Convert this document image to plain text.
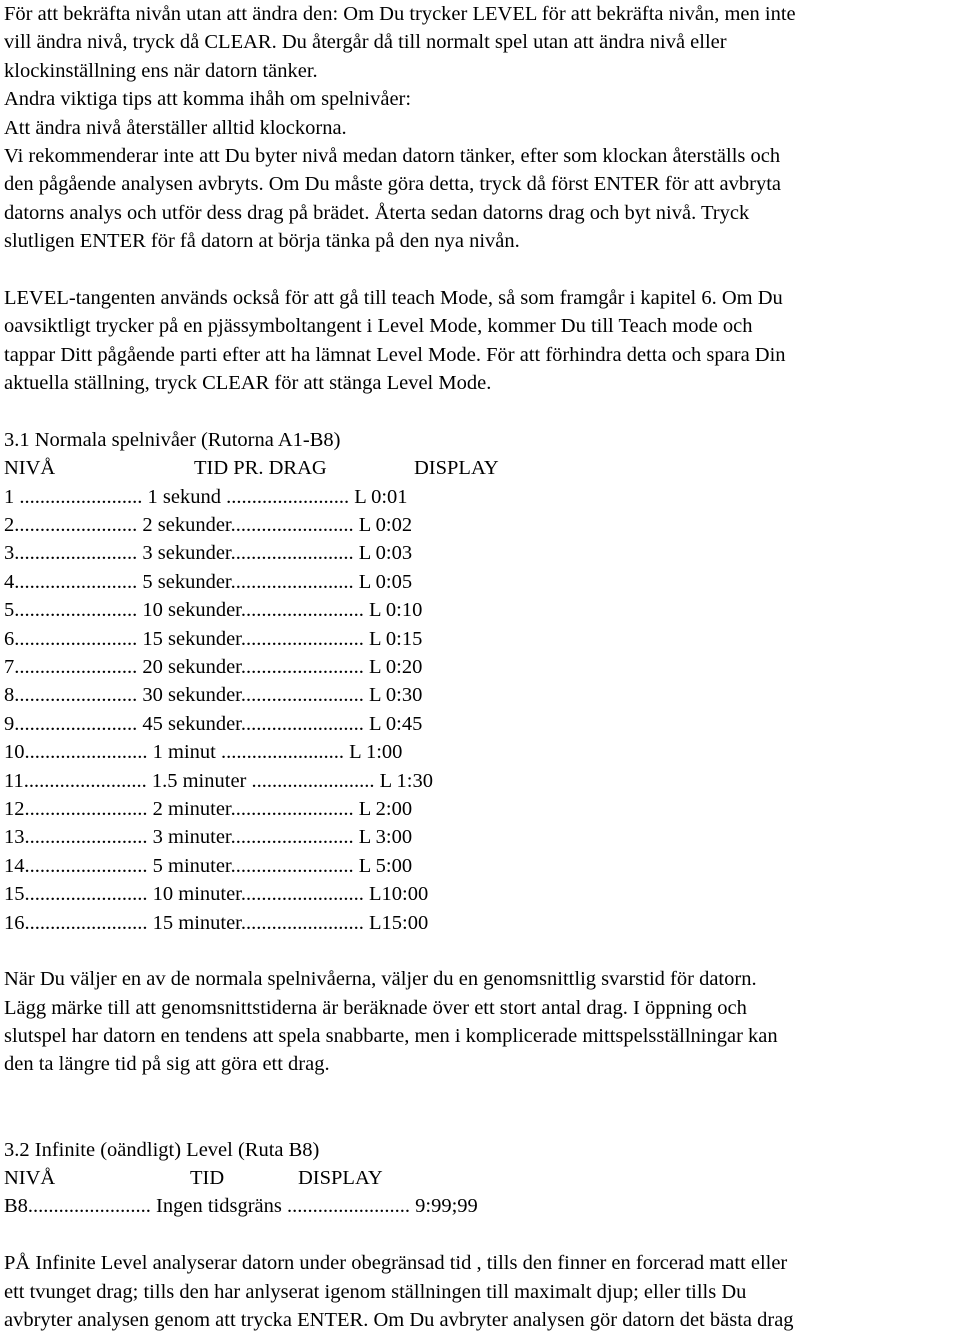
För att bekräfta nivån utan att ändra den: Om Du trycker LEVEL för att bekräfta nivån, men inte
vill ändra nivå, tryck då CLEAR. Du återgår då till normalt spel utan att ändra nivå eller
klockinställning ens när datorn tänker.
Andra viktiga tips att komma ihåh om spelnivåer:
Att ändra nivå återställer alltid klockorna.
Vi rekommenderar inte att Du byter nivå medan datorn tänker, efter som klockan återställs och
den pågående analysen avbryts. Om Du måste göra detta, tryck då först ENTER för att avbryta
datorns analys och utför dess drag på brädet. Återta sedan datorns drag och byt nivå. Tryck
slutligen ENTER för få datorn at börja tänka på den nya nivån.
LEVEL-tangenten används också för att gå till teach Mode, så som framgår i kapitel 6. Om Du
oavsiktligt trycker på en pjässymboltangent i Level Mode, kommer Du till Teach mode och
tappar Ditt pågående parti efter att ha lämnat Level Mode. För att förhindra detta och spara Din
aktuella ställning, tryck CLEAR för att stänga Level Mode.
3.1 Normala spelnivåer (Rutorna A1-B8)
NIVÅ	TID PR. DRAG	DISPLAY
1 ........................ 1 sekund ........................ L 0:01
2........................ 2 sekunder........................ L 0:02
3........................ 3 sekunder........................ L 0:03
4........................ 5 sekunder........................ L 0:05
5........................ 10 sekunder........................ L 0:10
6........................ 15 sekunder........................ L 0:15
7........................ 20 sekunder........................ L 0:20
8........................ 30 sekunder........................ L 0:30
9........................ 45 sekunder........................ L 0:45
10........................ 1 minut ........................ L 1:00
11........................ 1.5 minuter ........................ L 1:30
12........................ 2 minuter........................ L 2:00
13........................ 3 minuter........................ L 3:00
14........................ 5 minuter........................ L 5:00
15........................ 10 minuter........................ L10:00
16........................ 15 minuter........................ L15:00
När Du väljer en av de normala spelnivåerna, väljer du en genomsnittlig svarstid för datorn.
Lägg märke till att genomsnittstiderna är beräknade över ett stort antal drag. I öppning och
slutspel har datorn en tendens att spela snabbarte, men i komplicerade mittspelsställningar kan
den ta längre tid på sig att göra ett drag.
3.2 Infinite (oändligt) Level (Ruta B8)
NIVÅ	TID	DISPLAY
B8........................ Ingen tidsgräns ........................ 9:99;99
PÅ Infinite Level analyserar datorn under obegränsad tid , tills den finner en forcerad matt eller
ett tvunget drag; tills den har anlyserat igenom ställningen till maximalt djup; eller tills Du
avbryter analysen genom att trycka ENTER. Om Du avbryter analysen gör datorn det bästa drag
